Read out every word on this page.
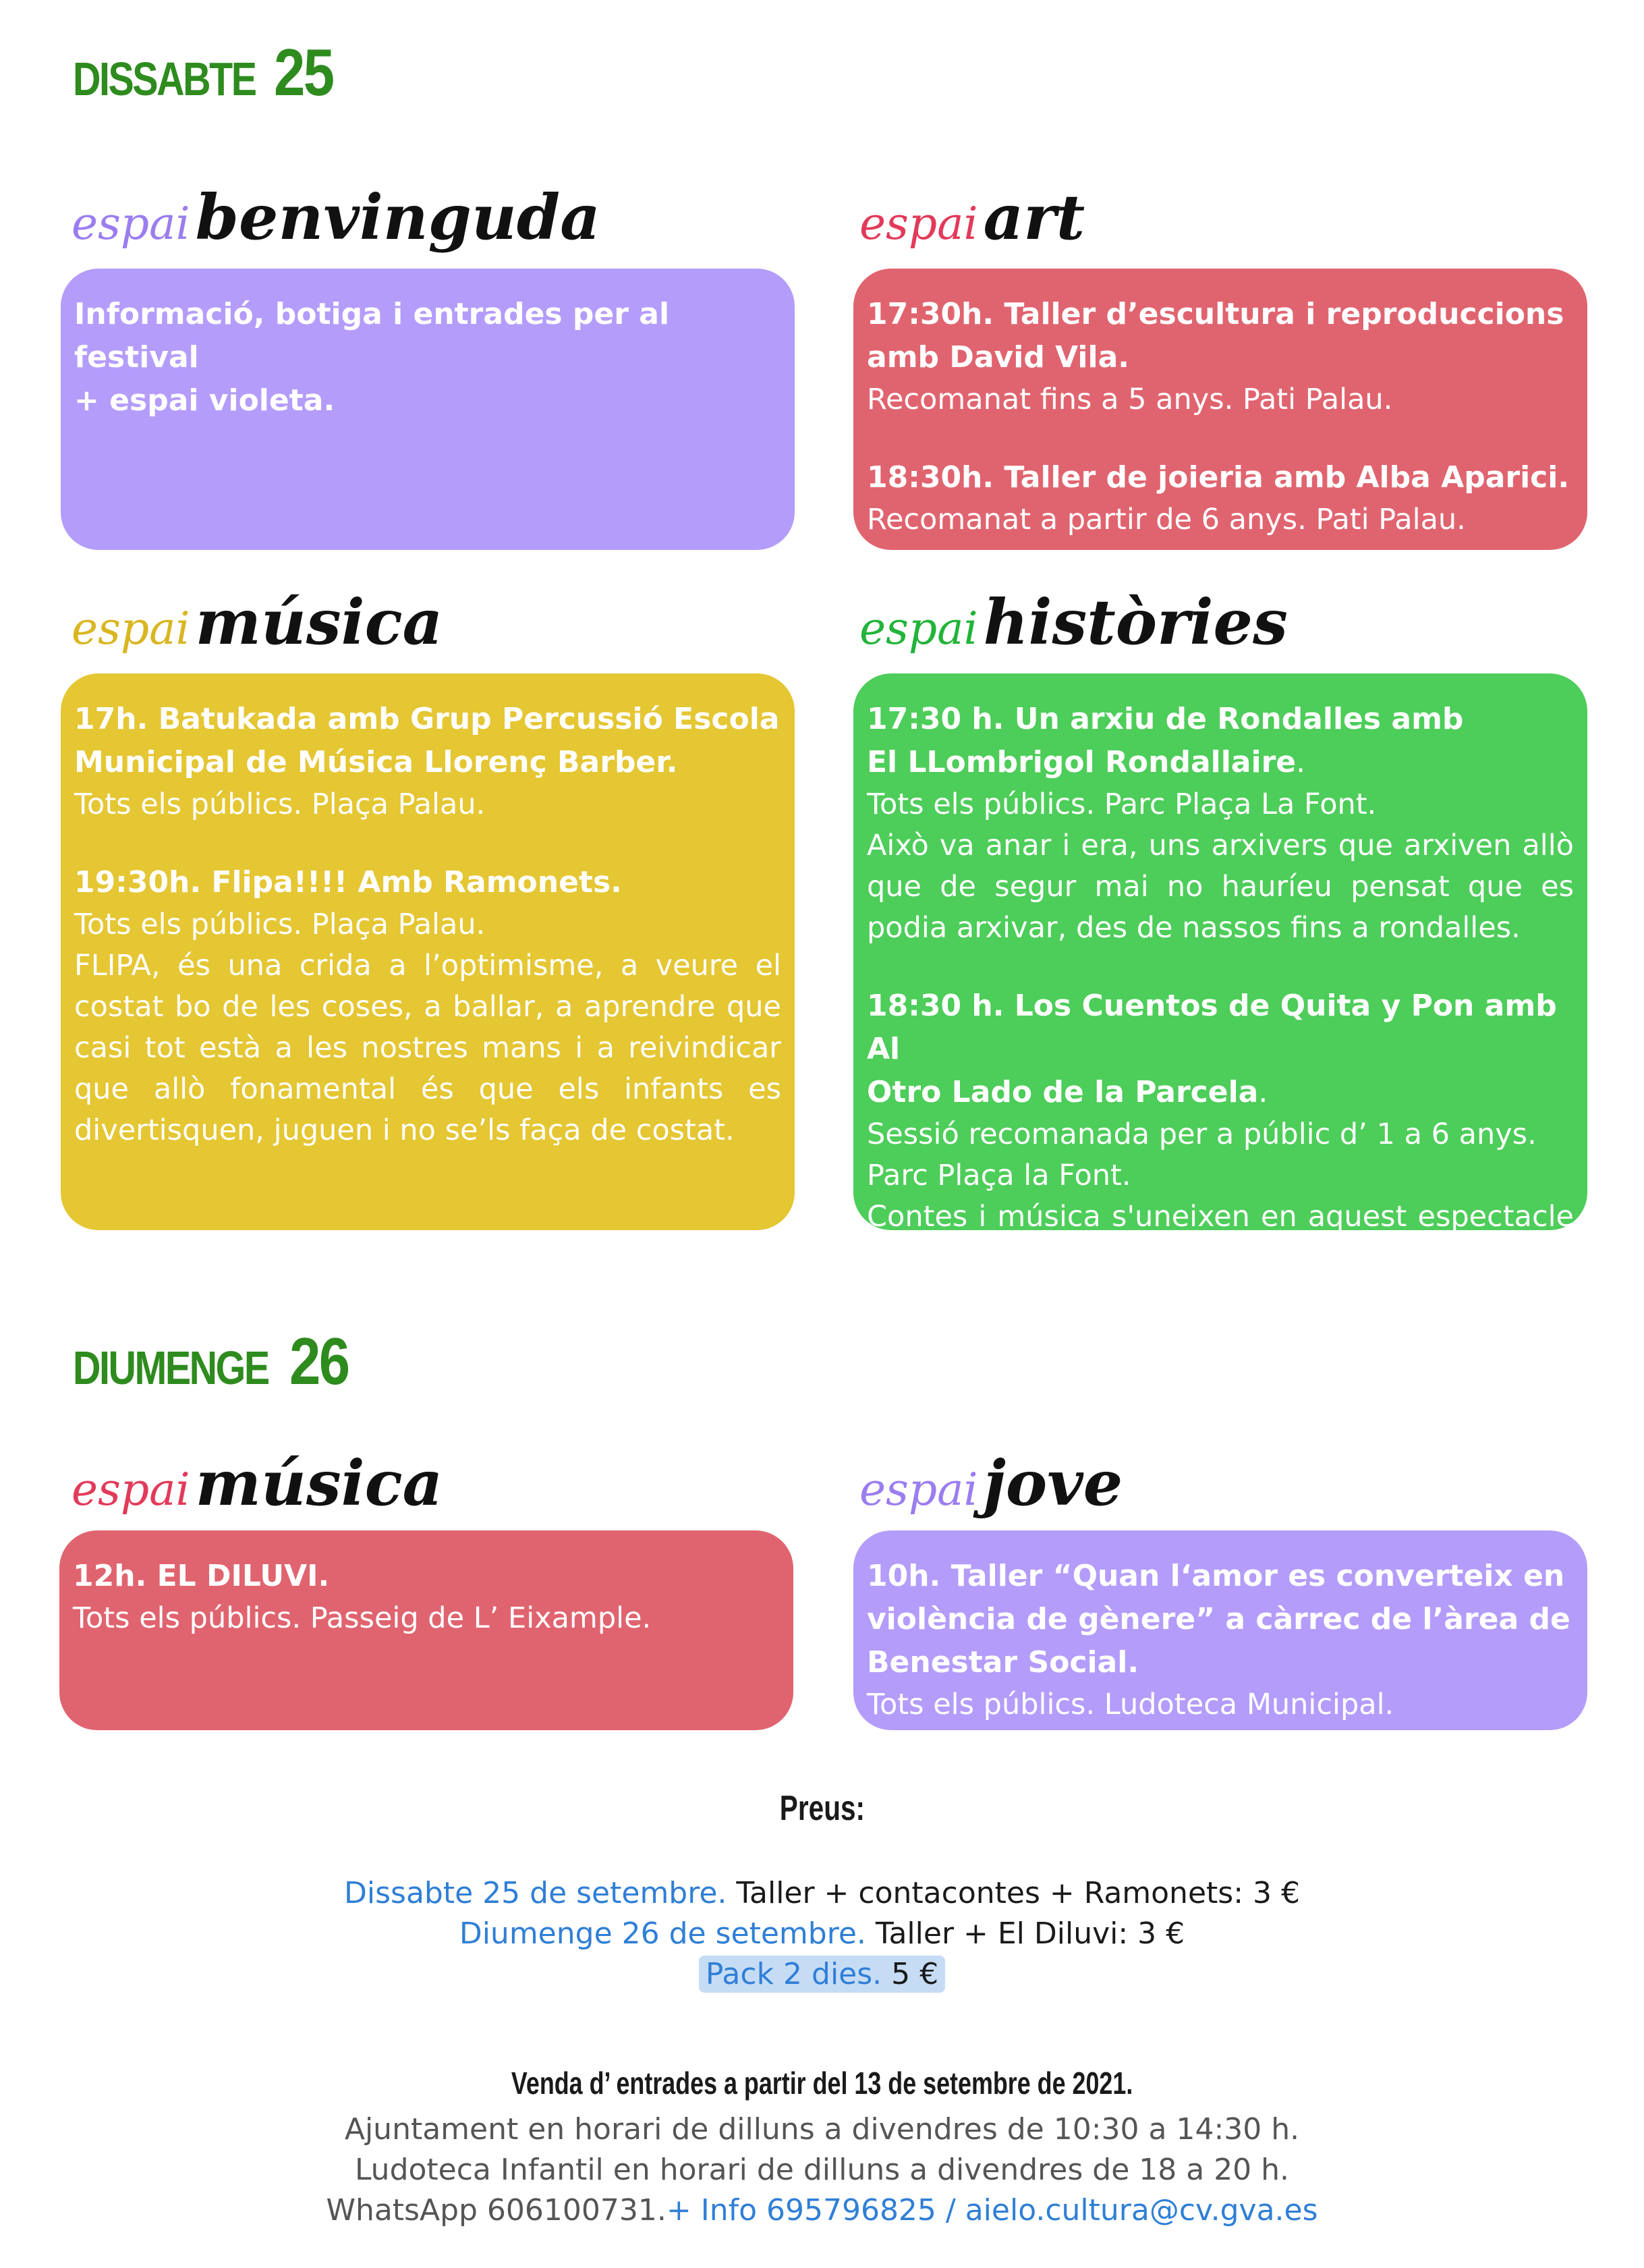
DISSABTE 25
espaibenvinguda

Informació, botiga i entrades per al festival

+ espai violeta.

espaiart

17:30h. Taller d’escultura i reproduccions
amb David Vila.

Recomanat fins a 5 anys. Pati Palau.

18:30h. Taller de joieria amb Alba Aparici.

Recomanat a partir de 6 anys. Pati Palau.

espaimúsica

17h. Batukada amb Grup Percussió Escola
Municipal de Música Llorenç Barber.

Tots els públics. Plaça Palau.

19:30h. Flipa!!!! Amb Ramonets.

Tots els públics. Plaça Palau.

FLIPA, és una crida a l’optimisme, a veure el costat bo de les coses, a ballar, a aprendre que casi tot està a les nostres mans i a reivindicar que allò fonamental és que els infants es divertisquen, juguen i no se’ls faça de costat.

espaihistòries

17:30 h. Un arxiu de Rondalles amb
El LLombrigol Rondallaire.

Tots els públics. Parc Plaça La Font.

Això va anar i era, uns arxivers que arxiven allò que de segur mai no hauríeu pensat que es podia arxivar, des de nassos fins a rondalles.

18:30 h. Los Cuentos de Quita y Pon amb Al
Otro Lado de la Parcela.

Sessió recomanada per a públic d’ 1 a 6 anys.

Parc Plaça la Font.

Contes i música s'uneixen en aquest espectacle ple de detalls.

DIUMENGE 26
espaimúsica

12h. EL DILUVI.

Tots els públics. Passeig de L’ Eixample.

espaijove

10h. Taller “Quan l‘amor es converteix en
violència de gènere” a càrrec de l’àrea de
Benestar Social.

Tots els públics. Ludoteca Municipal.

Preus:
Dissabte 25 de setembre. Taller + contacontes + Ramonets: 3 €
Diumenge 26 de setembre. Taller + El Diluvi: 3 €
Pack 2 dies. 5 €
Venda d’ entrades a partir del 13 de setembre de 2021.
Ajuntament en horari de dilluns a divendres de 10:30 a 14:30 h.
Ludoteca Infantil en horari de dilluns a divendres de 18 a 20 h.
WhatsApp 606100731.+ Info 695796825 / aielo.cultura@cv.gva.es
